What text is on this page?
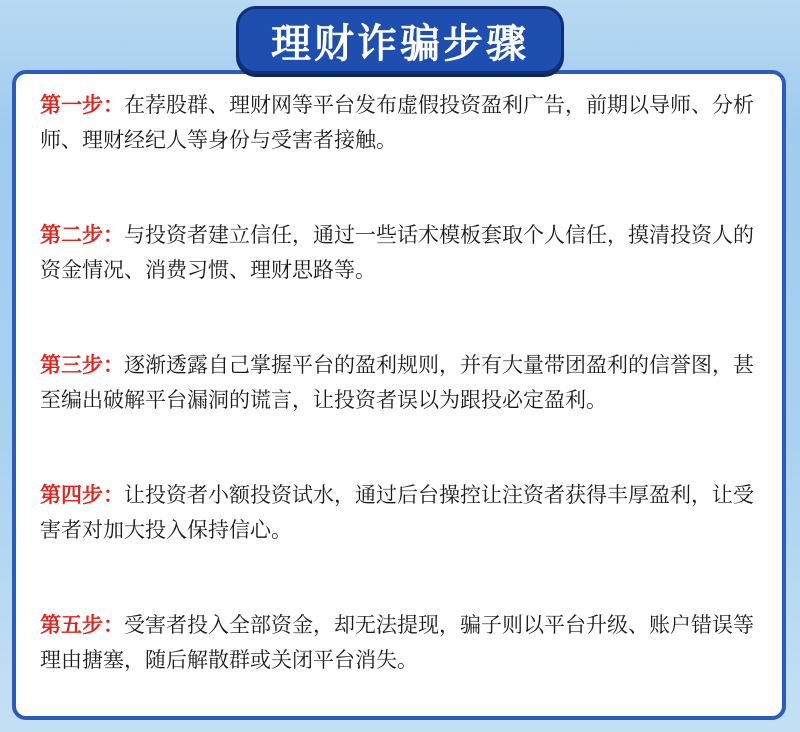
理财诈骗步骤

第一步：在荐股群、理财网等平台发布虚假投资盈利广告，前期以导师、分析师、理财经纪人等身份与受害者接触。

第二步：与投资者建立信任，通过一些话术模板套取个人信任，摸清投资人的资金情况、消费习惯、理财思路等。

第三步：逐渐透露自己掌握平台的盈利规则，并有大量带团盈利的信誉图，甚至编出破解平台漏洞的谎言，让投资者误以为跟投必定盈利。

第四步：让投资者小额投资试水，通过后台操控让注资者获得丰厚盈利，让受害者对加大投入保持信心。

第五步：受害者投入全部资金，却无法提现，骗子则以平台升级、账户错误等理由搪塞，随后解散群或关闭平台消失。
